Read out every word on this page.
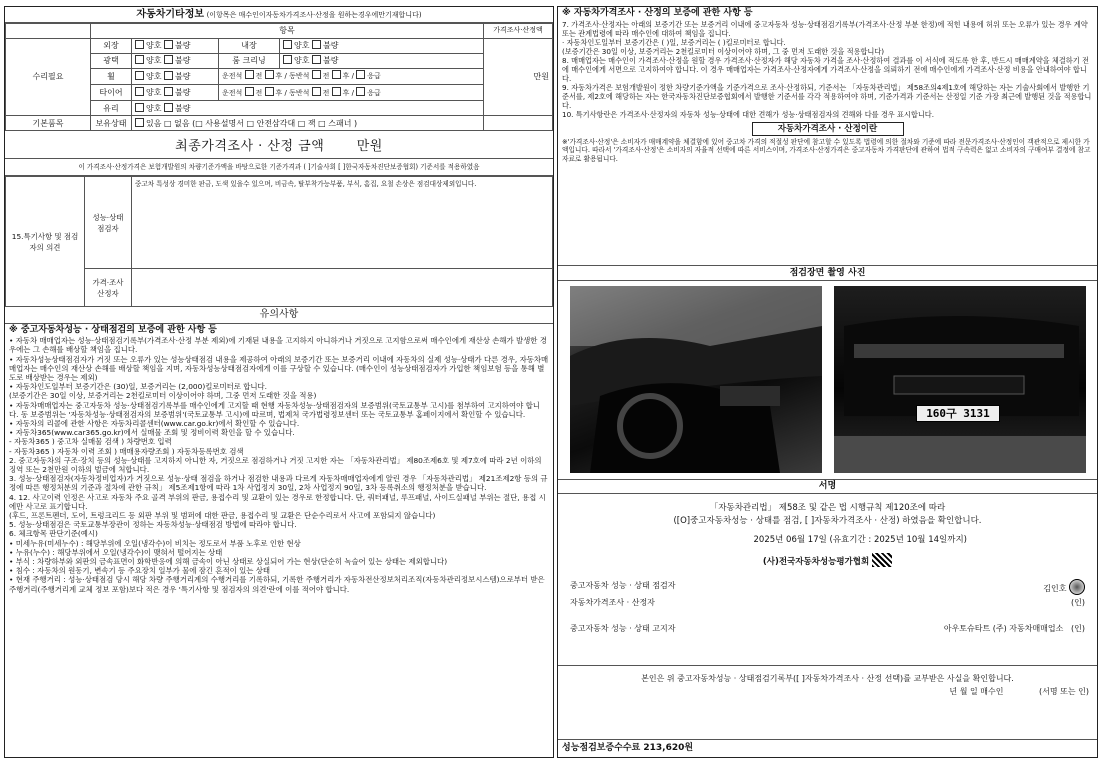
자동차기타정보 (이항목은 매수인이자동차가격조사·산정을 원하는경우에만기재합니다)
	항목				가격조사·산정액
수리필요	외장	양호 불량	내장	양호 불량	만원
	광택	양호 불량	룸 크리닝	양호 불량	
	휠	양호 불량	운전석 전 후 / 동반석 전 후 / 응급		
	타이어	양호 불량	운전석 전 후 / 동반석 전 후 / 응급		
	유리	양호 불량			
기본품목	보유상태	있음 □ 없음 (□ 사용설명서 □ 안전삼각대 □ 잭 □ 스패너 )			
최종가격조사 · 산정 금액 만원
이 가격조사·산정가격은 보험개발원의 차량기준가액을 바탕으로한 기준가격과 ( ]기술사회 [ ]한국자동차진단보증협회) 기준서를 적용하였음
15.특기사항 및 점검자의 의견	성능·상태 점검자	중고차 특성상 경미한 판금, 도색 있을수 있으며, 비금속, 탈부착가능부품, 부식, 흠집, 요철 손상은 점검대상제외입니다.
	가격·조사 산정자	
유의사항

※ 중고자동차성능 · 상태점검의 보증에 관한 사항 등

• 자동차 매매업자는 성능·상태점검기록부(가격조사·산정 부분 제외)에 기재된 내용을 고지하지 아니하거나 거짓으로 고지함으로써 매수인에게 재산상 손해가 발생한 경우에는 그 손해를 배상할 책임을 집니다.

• 자동차성능상태점검자가 거짓 또는 오류가 있는 성능상태점검 내용을 제공하여 아래의 보증기간 또는 보증거리 이내에 자동차의 실제 성능·상태가 다른 경우, 자동차매매업자는 매수인의 재산상 손해를 배상할 책임을 지며, 자동차성능상태점검자에게 이를 구상할 수 있습니다. (매수인이 성능상태점검자가 가입한 책임보험 등을 통해 별도로 배상받는 경우는 제외)

• 자동차인도일부터 보증기간은 (30)일, 보증거리는 (2,000)킬로미터로 합니다.

(보증기간은 30일 이상, 보증거리는 2천킬로미터 이상이어야 하며, 그중 먼저 도래한 것을 적용)

• 자동차매매업자는 중고자동차 성능·상태점검기록부를 매수인에게 고지할 때 현행 자동차성능·상태점검자의 보증범위(국토교통부 고시)를 첨부하여 고지하여야 합니다. 동 보증범위는 '자동차성능·상태점검자의 보증범위'(국토교통부 고시)에 따르며, 법제처 국가법령정보센터 또는 국토교통부 홈페이지에서 확인할 수 있습니다.

• 자동차의 리콜에 관한 사항은 자동차리콜센터(www.car.go.kr)에서 확인할 수 있습니다.

• 자동차365(www.car365.go.kr)에서 실매물 조회 및 정비이력 확인을 할 수 있습니다.

- 자동차365 ) 중고차 실매물 검색 ) 차량번호 입력

- 자동차365 ) 자동차 이력 조회 ) 매매용자량조회 ) 자동차등록번호 검색

2. 중고자동차의 구조·장치 등의 성능·상태를 고지하지 아니한 자, 거짓으로 점검하거나 거짓 고지한 자는 「자동차관리법」 제80조제6호 및 제7호에 따라 2년 이하의 징역 또는 2천만원 이하의 벌금에 처합니다.

3. 성능·상태점검자(자동차정비업자)가 거짓으로 성능·상태 점검을 하거나 점검한 내용과 다르게 자동차매매업자에게 알린 경우 「자동차관리법」 제21조제2항 등의 규정에 따른 행정처분의 기준과 절차에 관한 규칙」 제5조제1항에 따라 1차 사업정지 30일, 2차 사업정지 90일, 3차 등록취소의 행정처분을 받습니다.

4. 12. 사고이력 인정은 사고로 자동차 주요 골격 부위의 판금, 용접수리 및 교환이 있는 경우로 한정합니다. 단, 쿼터패널, 루프패널, 사이드실패널 부위는 절단, 용접 시에만 사고로 표기합니다.

(후드, 프론트펜더, 도어, 트렁크리드 등 외판 부위 및 범퍼에 대한 판금, 용접수리 및 교환은 단순수리로서 사고에 포함되지 않습니다)

5. 성능·상태점검은 국토교통부장관이 정하는 자동차성능·상태점검 방법에 따라야 합니다.

6. 체크항목 판단기준(예시)

• 미세누유(미세누수) : 해당부위에 오일(냉각수)이 비치는 정도로서 부품 노후로 인한 현상

• 누유(누수) : 해당부위에서 오일(냉각수)이 맺혀서 떨어지는 상태

• 부식 : 차량하부와 외판의 금속표면이 화학반응에 의해 금속이 아닌 상태로 상실되어 가는 현상(단순히 녹슬어 있는 상태는 제외합니다)

• 침수 : 자동차의 원동기, 변속기 등 주요장치 일부가 물에 잠긴 흔적이 있는 상태

• 현재 주행거리 : 성능·상태점검 당시 해당 차량 주행거리계의 수행거리를 기록하되, 기록한 주행거리가 자동차전산정보처리조직(자동차관리정보시스템)으로부터 받은 주행거리(주행거리계 교체 정보 포함)보다 적은 경우 '특기사항 및 점검자의 의견'란에 이를 적어야 합니다.

※ 자동차가격조사 · 산정의 보증에 관한 사항 등

7. 가격조사·산정자는 아래의 보증기간 또는 보증거리 이내에 중고자동차 성능·상태점검기록부(가격조사·산정 부분 한정)에 적힌 내용에 허위 또는 오류가 있는 경우 계약 또는 관계법령에 따라 매수인에 대하여 책임을 집니다.

· 자동차인도일부터 보증기간은 ( )일, 보증거리는 ( )킬로미터로 합니다.

(보증기간은 30일 이상, 보증거리는 2천킬로미터 이상이어야 하며, 그 중 먼저 도래한 것을 적용합니다)

8. 매매업자는 매수인이 가격조사·산정을 원할 경우 가격조사·산정자가 해당 자동차 가격을 조사·산정하여 결과를 이 서식에 적도록 한 후, 반드시 매매계약을 체결하기 전에 매수인에게 서면으로 고지하여야 합니다. 이 경우 매매업자는 가격조사·산정자에게 가격조사·산정을 의뢰하기 전에 매수인에게 가격조사·산정 비용을 안내하여야 합니다.

9. 자동차가격은 보험개발원이 정한 차량기준가액을 기준가격으로 조사·산정하되, 기준서는 「자동차관리법」 제58조의4제1호에 해당하는 자는 기술사회에서 발행한 기준서를, 제2호에 해당하는 자는 한국자동차진단보증협회에서 발행한 기준서를 각각 적용하여야 하며, 기준가격과 기준서는 산정일 기준 가장 최근에 발행된 것을 적용합니다.

10. 특기사항란은 가격조사·산정자의 자동차 성능·상태에 대한 견해가 성능·상태점검자의 견해와 다를 경우 표시합니다.

자동차가격조사 · 산정이란

※'가격조사·산정'은 소비자가 매매계약을 체결함에 있어 중고차 가격의 적절성 판단에 참고할 수 있도록 법령에 의한 절차와 기준에 따라 전문가격조사·산정인이 객관적으로 제시한 가액입니다. 따라서 '가격조사·산정'은 소비자의 자율적 선택에 따른 서비스이며, 가격조사·산정가격은 중고자동차 가격판단에 관하여 법적 구속력은 없고 소비자의 구매여부 결정에 참고자료로 활용됩니다.

점검장면 촬영 사진
160구 3131
서명
「자동차관리법」 제58조 및 같은 법 시행규칙 제120조에 따라
([O]중고자동차성능 · 상태를 점검, [ ]자동차가격조사 · 산정) 하였음을 확인합니다.
2025년 06월 17일 (유효기간 : 2025년 10월 14일까지)
(사)전국자동차성능평가협회
중고자동차 성능 · 상태 점검자	김인호
자동차가격조사 · 산정자	(인)
중고자동차 성능 · 상태 고지자	아우토슈타트 (주) 자동차매매업소 (인)
본인은 위 중고자동차성능 · 상태점검기록부([ ]자동차가격조사 · 산정 선택)를 교부받은 사실을 확인합니다.
년 월 일 매수인	(서명 또는 인)
성능점검보증수수료 213,620원
